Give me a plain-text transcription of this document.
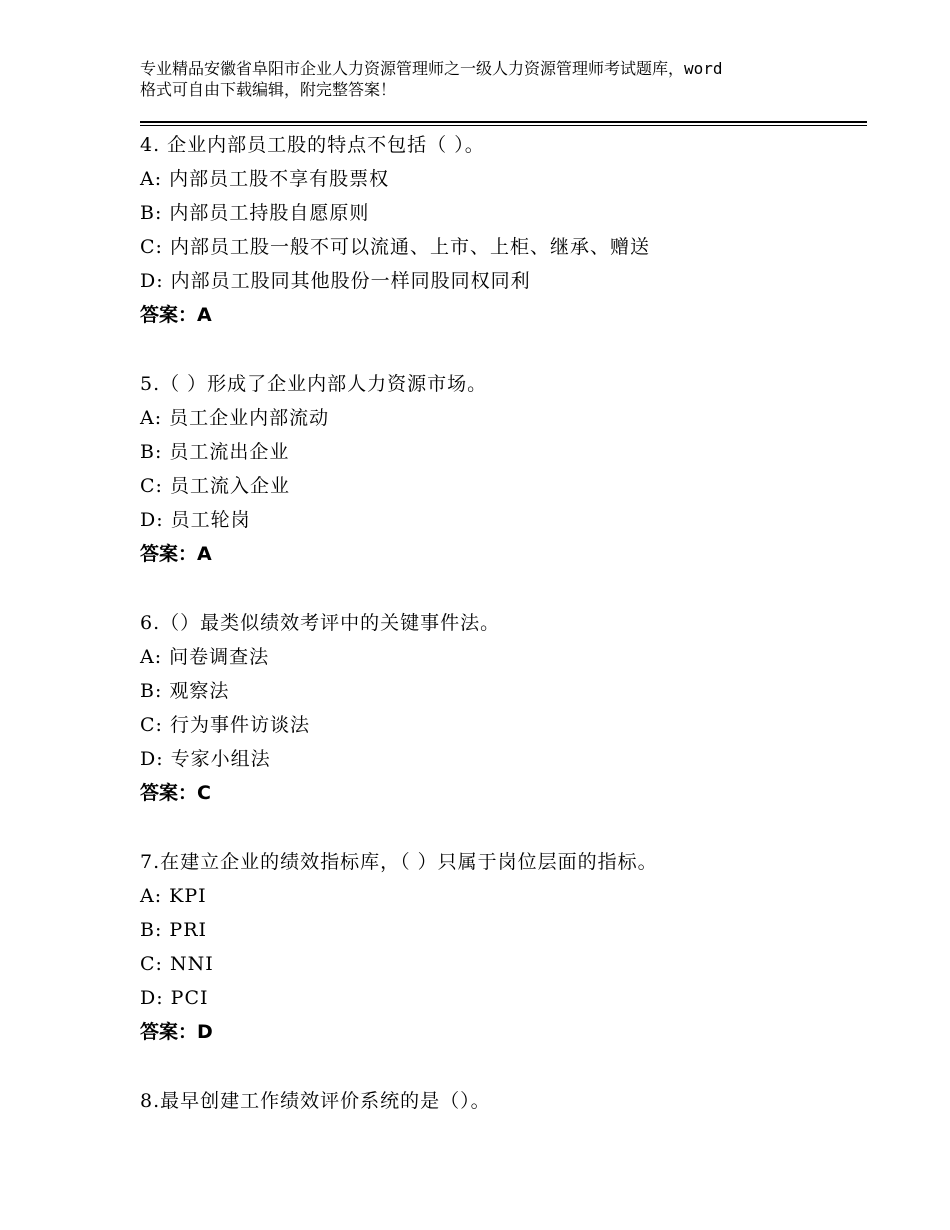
专业精品安徽省阜阳市企业人力资源管理师之一级人力资源管理师考试题库，word
格式可自由下载编辑，附完整答案！
4. 企业内部员工股的特点不包括（ ）。
A: 内部员工股不享有股票权
B: 内部员工持股自愿原则
C: 内部员工股一般不可以流通、上市、上柜、继承、赠送
D: 内部员工股同其他股份一样同股同权同利
答案：A
5.（ ）形成了企业内部人力资源市场。
A: 员工企业内部流动
B: 员工流出企业
C: 员工流入企业
D: 员工轮岗
答案：A
6.（）最类似绩效考评中的关键事件法。
A: 问卷调查法
B: 观察法
C: 行为事件访谈法
D: 专家小组法
答案：C
7.在建立企业的绩效指标库，（ ）只属于岗位层面的指标。
A: KPI
B: PRI
C: NNI
D: PCI
答案：D
8.最早创建工作绩效评价系统的是（）。
